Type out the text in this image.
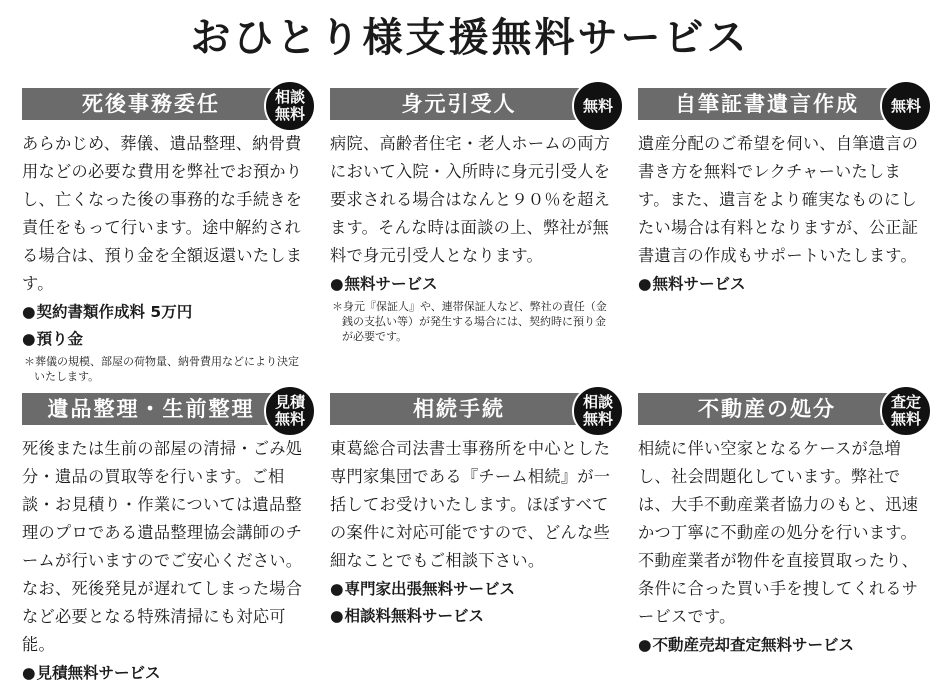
おひとり様支援無料サービス
死後事務委任	相談無料
あらかじめ、葬儀、遺品整理、納骨費用などの必要な費用を弊社でお預かりし、亡くなった後の事務的な手続きを責任をもって行います。途中解約される場合は、預り金を全額返還いたします。
● 契約書類作成料 5万円
● 預り金
＊ 葬儀の規模、部屋の荷物量、納骨費用などにより決定いたします。
身元引受人	無料
病院、高齢者住宅・老人ホームの両方において入院・入所時に身元引受人を要求される場合はなんと９０％を超えます。そんな時は面談の上、弊社が無料で身元引受人となります。
● 無料サービス
＊ 身元『保証人』や、連帯保証人など、弊社の責任（金銭の支払い等）が発生する場合には、契約時に預り金が必要です。
自筆証書遺言作成	無料
遺産分配のご希望を伺い、自筆遺言の書き方を無料でレクチャーいたします。また、遺言をより確実なものにしたい場合は有料となりますが、公正証書遺言の作成もサポートいたします。
● 無料サービス
遺品整理・生前整理	見積無料
死後または生前の部屋の清掃・ごみ処分・遺品の買取等を行います。ご相談・お見積り・作業については遺品整理のプロである遺品整理協会講師のチームが行いますのでご安心ください。なお、死後発見が遅れてしまった場合など必要となる特殊清掃にも対応可能。
● 見積無料サービス
相続手続	相談無料
東葛総合司法書士事務所を中心とした専門家集団である『チーム相続』が一括してお受けいたします。ほぼすべての案件に対応可能ですので、どんな些細なことでもご相談下さい。
● 専門家出張無料サービス
● 相談料無料サービス
不動産の処分	査定無料
相続に伴い空家となるケースが急増し、社会問題化しています。弊社では、大手不動産業者協力のもと、迅速かつ丁寧に不動産の処分を行います。不動産業者が物件を直接買取ったり、条件に合った買い手を捜してくれるサービスです。
● 不動産売却査定無料サービス
